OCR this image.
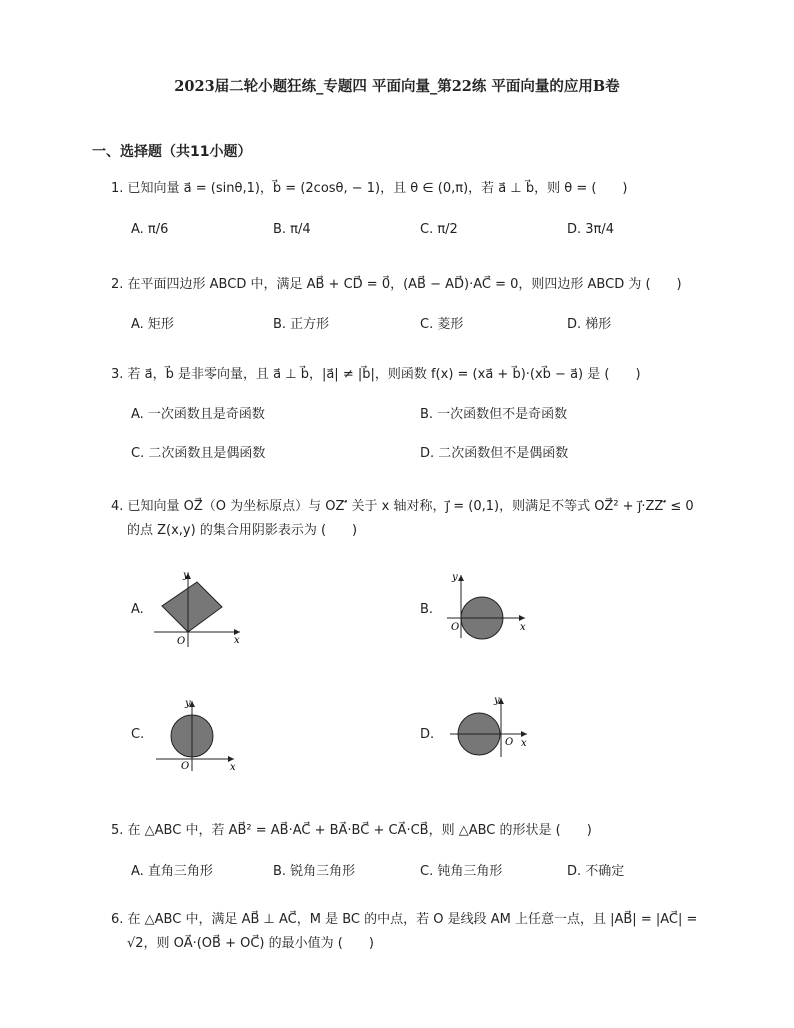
2023届二轮小题狂练_专题四 平面向量_第22练 平面向量的应用B卷
一、选择题（共11小题）
1. 已知向量 a⃗ = (sinθ,1)，b⃗ = (2cosθ, − 1)，且 θ ∈ (0,π)，若 a⃗ ⊥ b⃗，则 θ = (　　)
A. π/6	B. π/4	C. π/2	D. 3π/4
2. 在平面四边形 ABCD 中，满足 AB⃗ + CD⃗ = 0⃗，(AB⃗ − AD⃗)·AC⃗ = 0，则四边形 ABCD 为 (　　)
A. 矩形	B. 正方形	C. 菱形	D. 梯形
3. 若 a⃗，b⃗ 是非零向量，且 a⃗ ⊥ b⃗，|a⃗| ≠ |b⃗|，则函数 f(x) = (xa⃗ + b⃗)·(xb⃗ − a⃗) 是 (　　)
A. 一次函数且是奇函数	B. 一次函数但不是奇函数
C. 二次函数且是偶函数	D. 二次函数但不是偶函数
4. 已知向量 OZ⃗（O 为坐标原点）与 OZ′⃗ 关于 x 轴对称，j⃗ = (0,1)，则满足不等式 OZ⃗² + j⃗·ZZ′⃗ ≤ 0
的点 Z(x,y) 的集合用阴影表示为 (　　)
A.	B.
C.	D.
y
x
O
y
x
O
y
x
O
y
x
O
5. 在 △ABC 中，若 AB⃗² = AB⃗·AC⃗ + BA⃗·BC⃗ + CA⃗·CB⃗，则 △ABC 的形状是 (　　)
A. 直角三角形	B. 锐角三角形	C. 钝角三角形	D. 不确定
6. 在 △ABC 中，满足 AB⃗ ⊥ AC⃗，M 是 BC 的中点，若 O 是线段 AM 上任意一点，且 |AB⃗| = |AC⃗| =
√2，则 OA⃗·(OB⃗ + OC⃗) 的最小值为 (　　)
